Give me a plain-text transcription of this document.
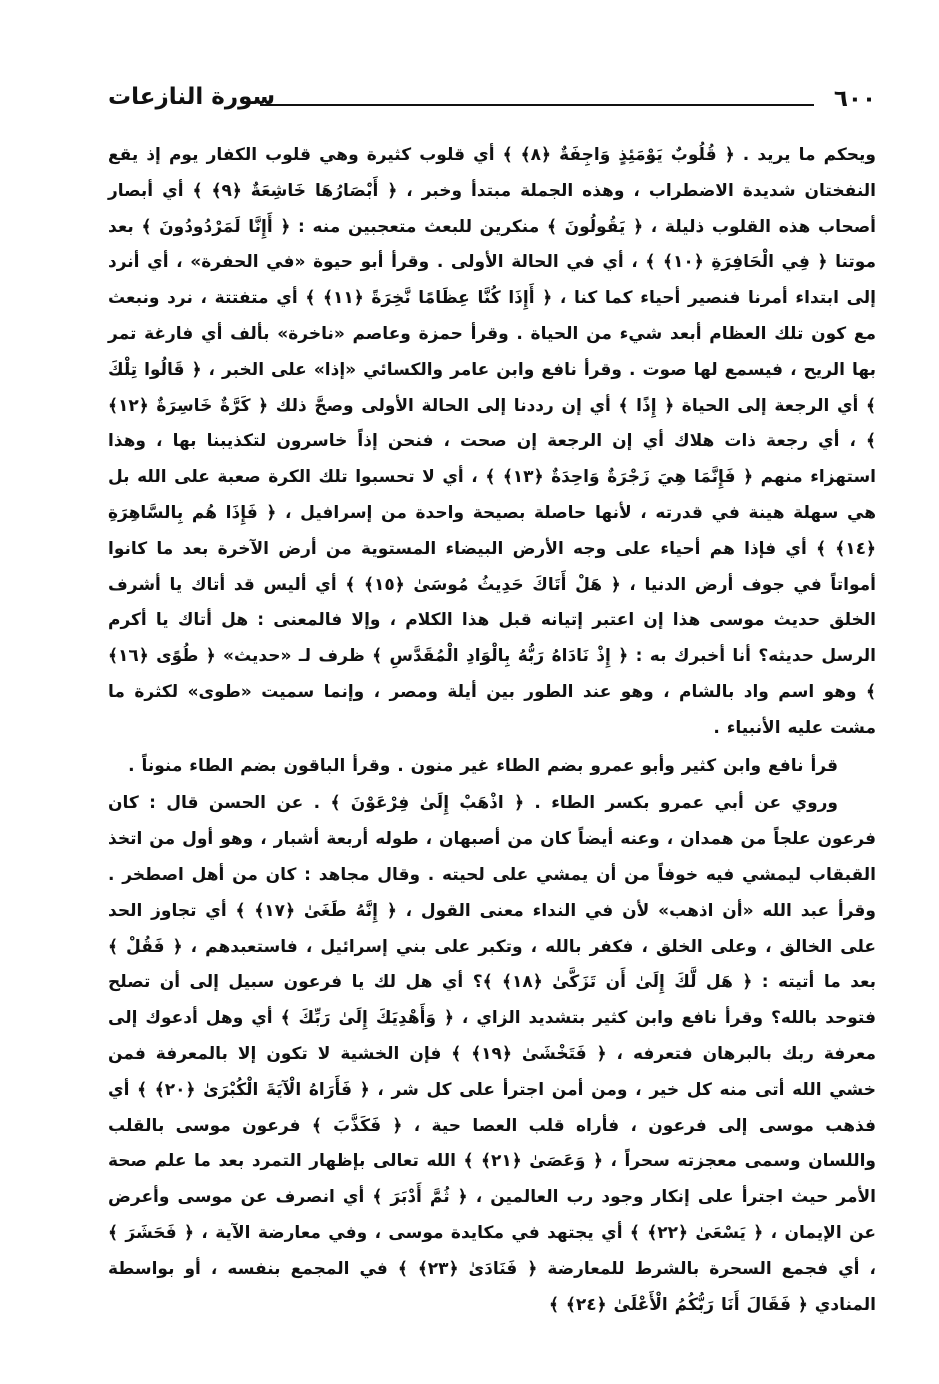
٦٠٠
سورة النازعات

ويحكم ما يريد . ﴿ قُلُوبٌ يَوْمَئِذٍ وَاجِفَةٌ ﴿٨﴾ ﴾ أي قلوب كثيرة وهي قلوب الكفار يوم إذ يقع النفختان شديدة الاضطراب ، وهذه الجملة مبتدأ وخبر ، ﴿ أَبْصَارُهَا خَاشِعَةٌ ﴿٩﴾ ﴾ أي أبصار أصحاب هذه القلوب ذليلة ، ﴿ يَقُولُونَ ﴾ منكرين للبعث متعجبين منه : ﴿ أَإِنَّا لَمَرْدُودُونَ ﴾ بعد موتنا ﴿ فِي الْحَافِرَةِ ﴿١٠﴾ ﴾ ، أي في الحالة الأولى . وقرأ أبو حيوة «في الحفرة» ، أي أنرد إلى ابتداء أمرنا فنصير أحياء كما كنا ، ﴿ أَإِذَا كُنَّا عِظَامًا نَّخِرَةً ﴿١١﴾ ﴾ أي متفتتة ، نرد ونبعث مع كون تلك العظام أبعد شيء من الحياة . وقرأ حمزة وعاصم «ناخرة» بألف أي فارغة تمر بها الريح ، فيسمع لها صوت . وقرأ نافع وابن عامر والكسائي «إذا» على الخبر ، ﴿ قَالُوا تِلْكَ ﴾ أي الرجعة إلى الحياة ﴿ إِذًا ﴾ أي إن رددنا إلى الحالة الأولى وصحَّ ذلك ﴿ كَرَّةٌ خَاسِرَةٌ ﴿١٢﴾ ﴾ ، أي رجعة ذات هلاك أي إن الرجعة إن صحت ، فنحن إذاً خاسرون لتكذيبنا بها ، وهذا استهزاء منهم ﴿ فَإِنَّمَا هِيَ زَجْرَةٌ وَاحِدَةٌ ﴿١٣﴾ ﴾ ، أي لا تحسبوا تلك الكرة صعبة على الله بل هي سهلة هينة في قدرته ، لأنها حاصلة بصيحة واحدة من إسرافيل ، ﴿ فَإِذَا هُم بِالسَّاهِرَةِ ﴿١٤﴾ ﴾ أي فإذا هم أحياء على وجه الأرض البيضاء المستوية من أرض الآخرة بعد ما كانوا أمواتاً في جوف أرض الدنيا ، ﴿ هَلْ أَتَاكَ حَدِيثُ مُوسَىٰ ﴿١٥﴾ ﴾ أي أليس قد أتاك يا أشرف الخلق حديث موسى هذا إن اعتبر إتيانه قبل هذا الكلام ، وإلا فالمعنى : هل أتاك يا أكرم الرسل حديثه؟ أنا أخبرك به : ﴿ إِذْ نَادَاهُ رَبُّهُ بِالْوَادِ الْمُقَدَّسِ ﴾ ظرف لـ «حديث» ﴿ طُوًى ﴿١٦﴾ ﴾ وهو اسم واد بالشام ، وهو عند الطور بين أيلة ومصر ، وإنما سميت «طوى» لكثرة ما مشت عليه الأنبياء .

قرأ نافع وابن كثير وأبو عمرو بضم الطاء غير منون . وقرأ الباقون بضم الطاء منوناً .

وروي عن أبي عمرو بكسر الطاء . ﴿ اذْهَبْ إِلَىٰ فِرْعَوْنَ ﴾ . عن الحسن قال : كان فرعون علجاً من همدان ، وعنه أيضاً كان من أصبهان ، طوله أربعة أشبار ، وهو أول من اتخذ القبقاب ليمشي فيه خوفاً من أن يمشي على لحيته . وقال مجاهد : كان من أهل اصطخر . وقرأ عبد الله «أن اذهب» لأن في النداء معنى القول ، ﴿ إِنَّهُ طَغَىٰ ﴿١٧﴾ ﴾ أي تجاوز الحد على الخالق ، وعلى الخلق ، فكفر بالله ، وتكبر على بني إسرائيل ، فاستعبدهم ، ﴿ فَقُلْ ﴾ بعد ما أتيته : ﴿ هَل لَّكَ إِلَىٰ أَن تَزَكَّىٰ ﴿١٨﴾ ﴾؟ أي هل لك يا فرعون سبيل إلى أن تصلح فتوحد بالله؟ وقرأ نافع وابن كثير بتشديد الزاي ، ﴿ وَأَهْدِيَكَ إِلَىٰ رَبِّكَ ﴾ أي وهل أدعوك إلى معرفة ربك بالبرهان فتعرفه ، ﴿ فَتَخْشَىٰ ﴿١٩﴾ ﴾ فإن الخشية لا تكون إلا بالمعرفة فمن خشي الله أتى منه كل خير ، ومن أمن اجترأ على كل شر ، ﴿ فَأَرَاهُ الْآيَةَ الْكُبْرَىٰ ﴿٢٠﴾ ﴾ أي فذهب موسى إلى فرعون ، فأراه قلب العصا حية ، ﴿ فَكَذَّبَ ﴾ فرعون موسى بالقلب واللسان وسمى معجزته سحراً ، ﴿ وَعَصَىٰ ﴿٢١﴾ ﴾ الله تعالى بإظهار التمرد بعد ما علم صحة الأمر حيث اجترأ على إنكار وجود رب العالمين ، ﴿ ثُمَّ أَدْبَرَ ﴾ أي انصرف عن موسى وأعرض عن الإيمان ، ﴿ يَسْعَىٰ ﴿٢٢﴾ ﴾ أي يجتهد في مكايدة موسى ، وفي معارضة الآية ، ﴿ فَحَشَرَ ﴾ ، أي فجمع السحرة بالشرط للمعارضة ﴿ فَنَادَىٰ ﴿٢٣﴾ ﴾ في المجمع بنفسه ، أو بواسطة المنادي ﴿ فَقَالَ أَنَا رَبُّكُمُ الْأَعْلَىٰ ﴿٢٤﴾ ﴾
